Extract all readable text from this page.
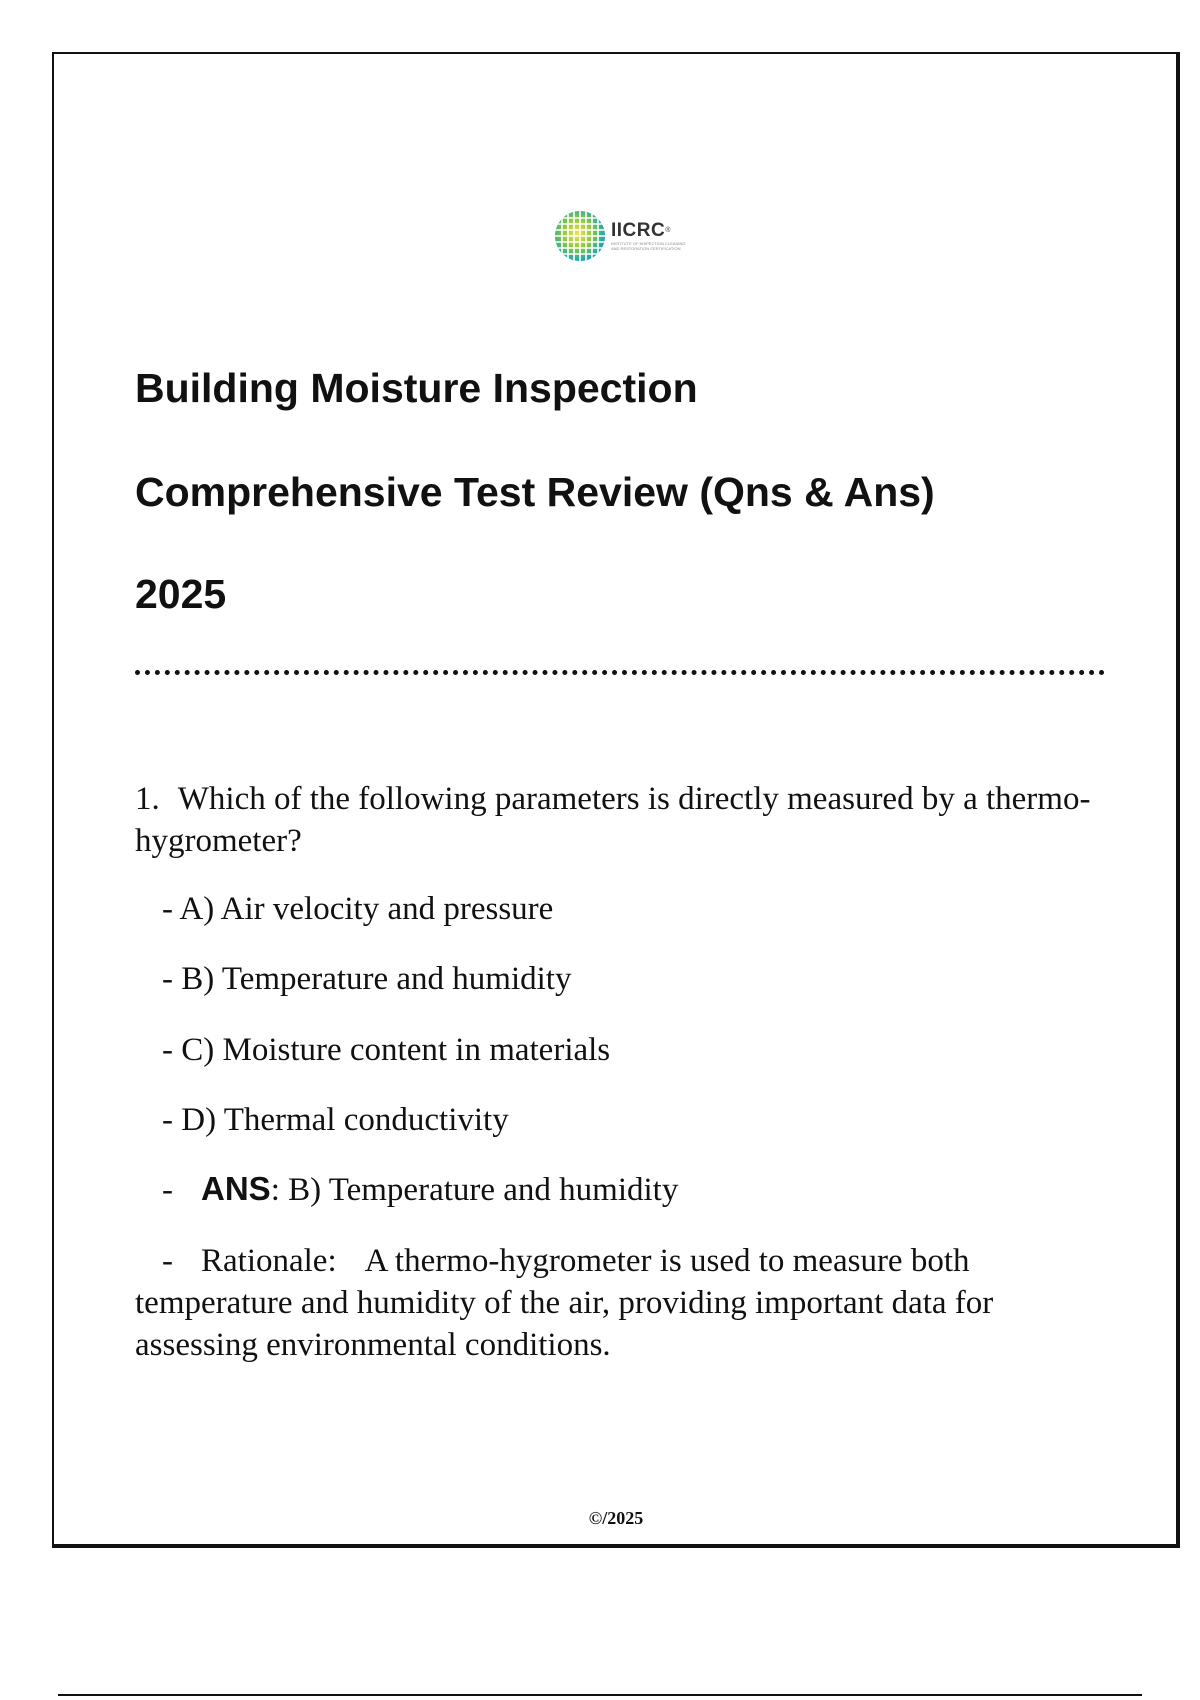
IICRC®
INSTITUTE OF INSPECTION CLEANING AND RESTORATION CERTIFICATION
Building Moisture Inspection
Comprehensive Test Review (Qns & Ans)
2025
1. Which of the following parameters is directly measured by a thermo-hygrometer?
- A) Air velocity and pressure
- B) Temperature and humidity
- C) Moisture content in materials
- D) Thermal conductivity
- ANS: B) Temperature and humidity
- Rationale: A thermo-hygrometer is used to measure both temperature and humidity of the air, providing important data for assessing environmental conditions.
©/2025
